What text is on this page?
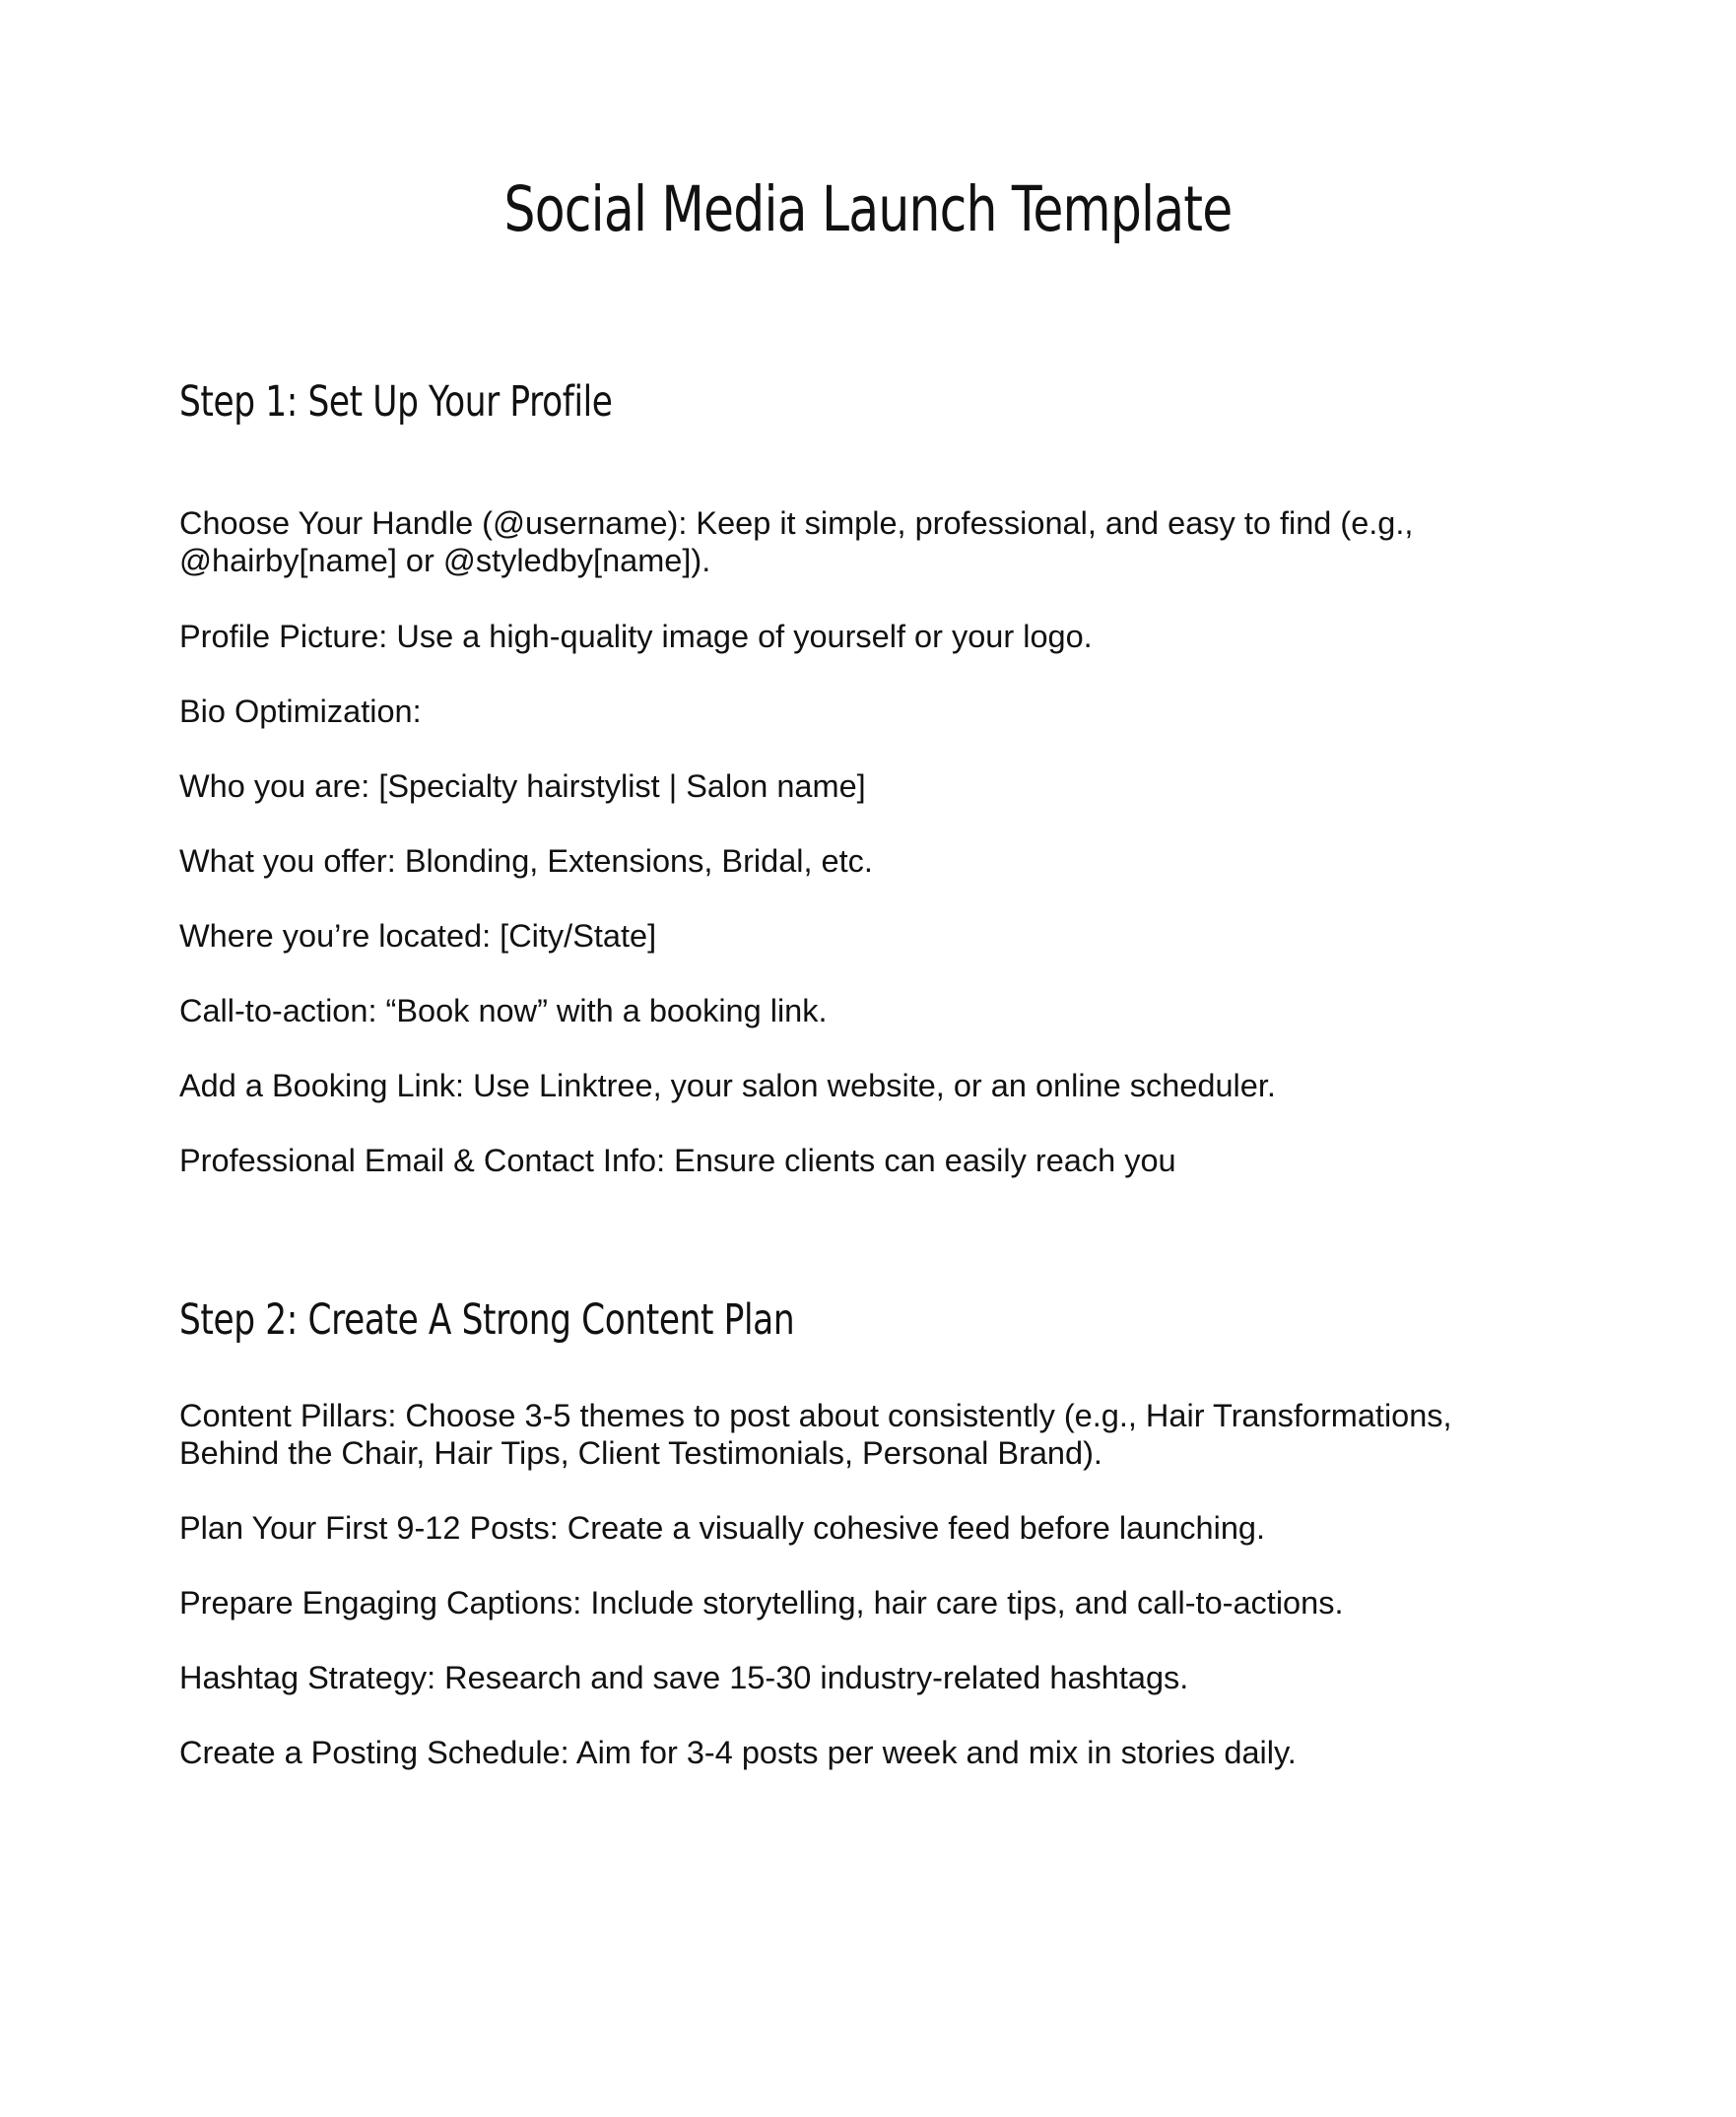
Social Media Launch Template
Step 1: Set Up Your Profile

Choose Your Handle (@username): Keep it simple, professional, and easy to find (e.g., @hairby[name] or @styledby[name]).

Profile Picture: Use a high-quality image of yourself or your logo.

Bio Optimization:

Who you are: [Specialty hairstylist | Salon name]

What you offer: Blonding, Extensions, Bridal, etc.

Where you’re located: [City/State]

Call-to-action: “Book now” with a booking link.

Add a Booking Link: Use Linktree, your salon website, or an online scheduler.

Professional Email & Contact Info: Ensure clients can easily reach you

Step 2: Create A Strong Content Plan

Content Pillars: Choose 3-5 themes to post about consistently (e.g., Hair Transformations, Behind the Chair, Hair Tips, Client Testimonials, Personal Brand).

Plan Your First 9-12 Posts: Create a visually cohesive feed before launching.

Prepare Engaging Captions: Include storytelling, hair care tips, and call-to-actions.

Hashtag Strategy: Research and save 15-30 industry-related hashtags.

Create a Posting Schedule: Aim for 3-4 posts per week and mix in stories daily.
